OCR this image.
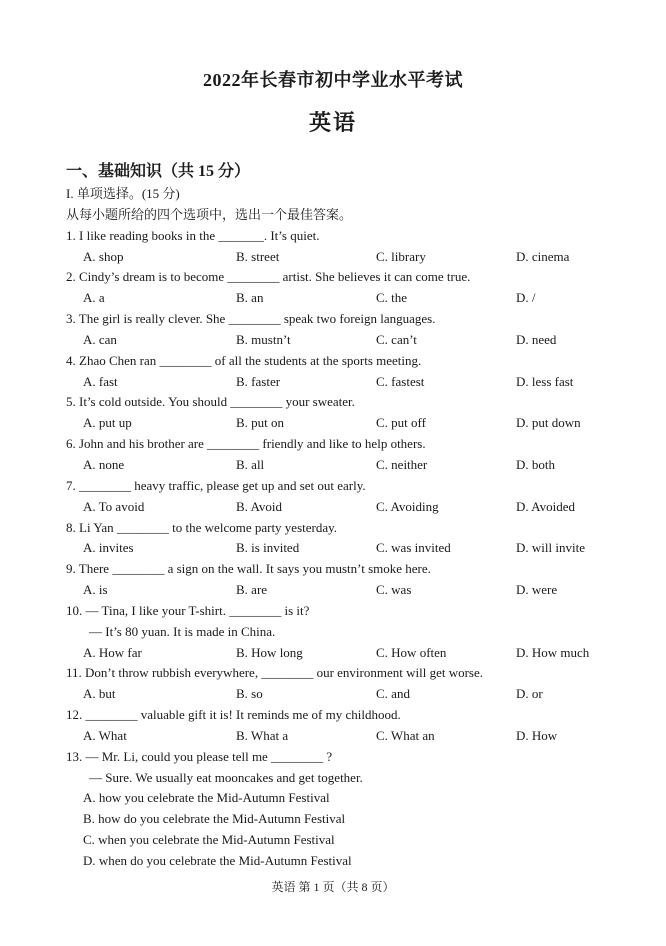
2022年长春市初中学业水平考试
英语
一、基础知识（共 15 分）
I. 单项选择。(15 分)
从每小题所给的四个选项中，选出一个最佳答案。
1. I like reading books in the _______. It’s quiet.
A. shop	B. street	C. library	D. cinema
2. Cindy’s dream is to become ________ artist. She believes it can come true.
A. a	B. an	C. the	D. /
3. The girl is really clever. She ________ speak two foreign languages.
A. can	B. mustn’t	C. can’t	D. need
4. Zhao Chen ran ________ of all the students at the sports meeting.
A. fast	B. faster	C. fastest	D. less fast
5. It’s cold outside. You should ________ your sweater.
A. put up	B. put on	C. put off	D. put down
6. John and his brother are ________ friendly and like to help others.
A. none	B. all	C. neither	D. both
7. ________ heavy traffic, please get up and set out early.
A. To avoid	B. Avoid	C. Avoiding	D. Avoided
8. Li Yan ________ to the welcome party yesterday.
A. invites	B. is invited	C. was invited	D. will invite
9. There ________ a sign on the wall. It says you mustn’t smoke here.
A. is	B. are	C. was	D. were
10. — Tina, I like your T-shirt. ________ is it?
— It’s 80 yuan. It is made in China.
A. How far	B. How long	C. How often	D. How much
11. Don’t throw rubbish everywhere, ________ our environment will get worse.
A. but	B. so	C. and	D. or
12. ________ valuable gift it is! It reminds me of my childhood.
A. What	B. What a	C. What an	D. How
13. — Mr. Li, could you please tell me ________ ?
— Sure. We usually eat mooncakes and get together.
A. how you celebrate the Mid-Autumn Festival
B. how do you celebrate the Mid-Autumn Festival
C. when you celebrate the Mid-Autumn Festival
D. when do you celebrate the Mid-Autumn Festival
英语 第 1 页（共 8 页）
